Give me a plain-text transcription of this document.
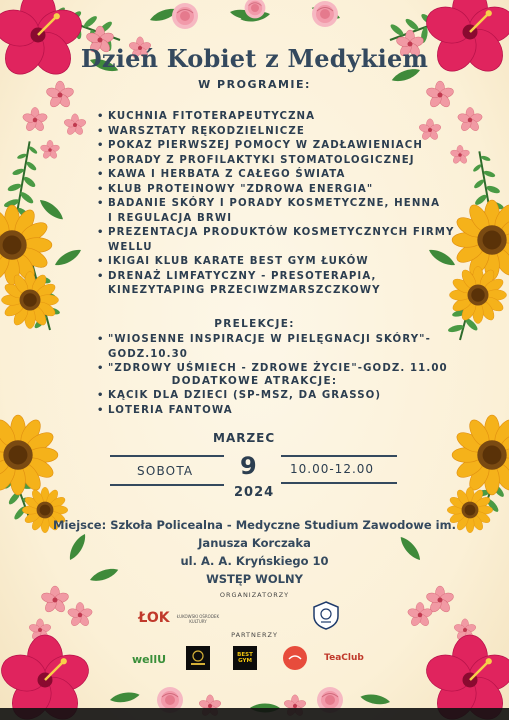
Dzień Kobiet z Medykiem
W PROGRAMIE:
• KUCHNIA FITOTERAPEUTYCZNA
• WARSZTATY RĘKODZIELNICZE
• POKAZ PIERWSZEJ POMOCY W ZADŁAWIENIACH
• PORADY Z PROFILAKTYKI STOMATOLOGICZNEJ
• KAWA I HERBATA Z CAŁEGO ŚWIATA
• KLUB PROTEINOWY "ZDROWA ENERGIA"
• BADANIE SKÓRY I PORADY KOSMETYCZNE, HENNA
I REGULACJA BRWI
• PREZENTACJA PRODUKTÓW KOSMETYCZNYCH FIRMY
WELLU
• IKIGAI KLUB KARATE BEST GYM ŁUKÓW
• DRENAŻ LIMFATYCZNY - PRESOTERAPIA,
KINEZYTAPING PRZECIWZMARSZCZKOWY
PRELEKCJE:
• "WIOSENNE INSPIRACJE W PIELĘGNACJI SKÓRY"-
GODZ.10.30
• "ZDROWY UŚMIECH - ZDROWE ŻYCIE"-GODZ. 11.00
DODATKOWE ATRAKCJE:
• KĄCIK DLA DZIECI (SP-MSZ, DA GRASSO)
• LOTERIA FANTOWA
MARZEC
SOBOTA 9	10.00-12.00
2024
Miejsce: Szkoła Policealna - Medyczne Studium Zawodowe im.
Janusza Korczaka
ul. A. A. Kryńskiego 10
WSTĘP WOLNY
ORGANIZATORZY
ŁOK	ŁUKOWSKI OŚRODEK KULTURY
PARTNERZY
wellU	BEST GYM	TeaClub
